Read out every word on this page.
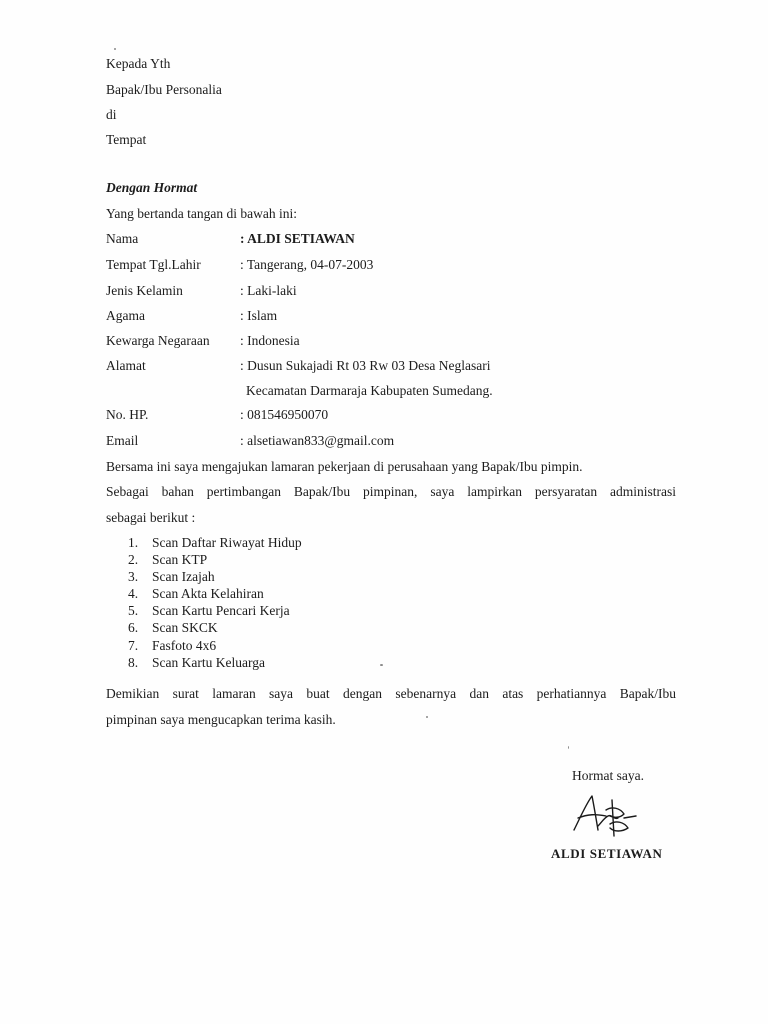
Kepada Yth
Bapak/Ibu Personalia
di
Tempat
Dengan Hormat
Yang bertanda tangan di bawah ini:
Nama	: ALDI SETIAWAN
Tempat Tgl.Lahir	: Tangerang, 04-07-2003
Jenis Kelamin	: Laki-laki
Agama	: Islam
Kewarga Negaraan : Indonesia
Alamat	: Dusun Sukajadi Rt 03 Rw 03 Desa Neglasari
Kecamatan Darmaraja Kabupaten Sumedang.
No. HP.	: 081546950070
Email	: alsetiawan833@gmail.com
Bersama ini saya mengajukan lamaran pekerjaan di perusahaan yang Bapak/Ibu pimpin.
Sebagai bahan pertimbangan Bapak/Ibu pimpinan, saya lampirkan persyaratan administrasi
sebagai berikut :
1. Scan Daftar Riwayat Hidup
2. Scan KTP
3. Scan Izajah
4. Scan Akta Kelahiran
5. Scan Kartu Pencari Kerja
6. Scan SKCK
7. Fasfoto 4x6
8. Scan Kartu Keluarga
Demikian surat lamaran saya buat dengan sebenarnya dan atas perhatiannya Bapak/Ibu
pimpinan saya mengucapkan terima kasih.
Hormat saya.
ALDI SETIAWAN
